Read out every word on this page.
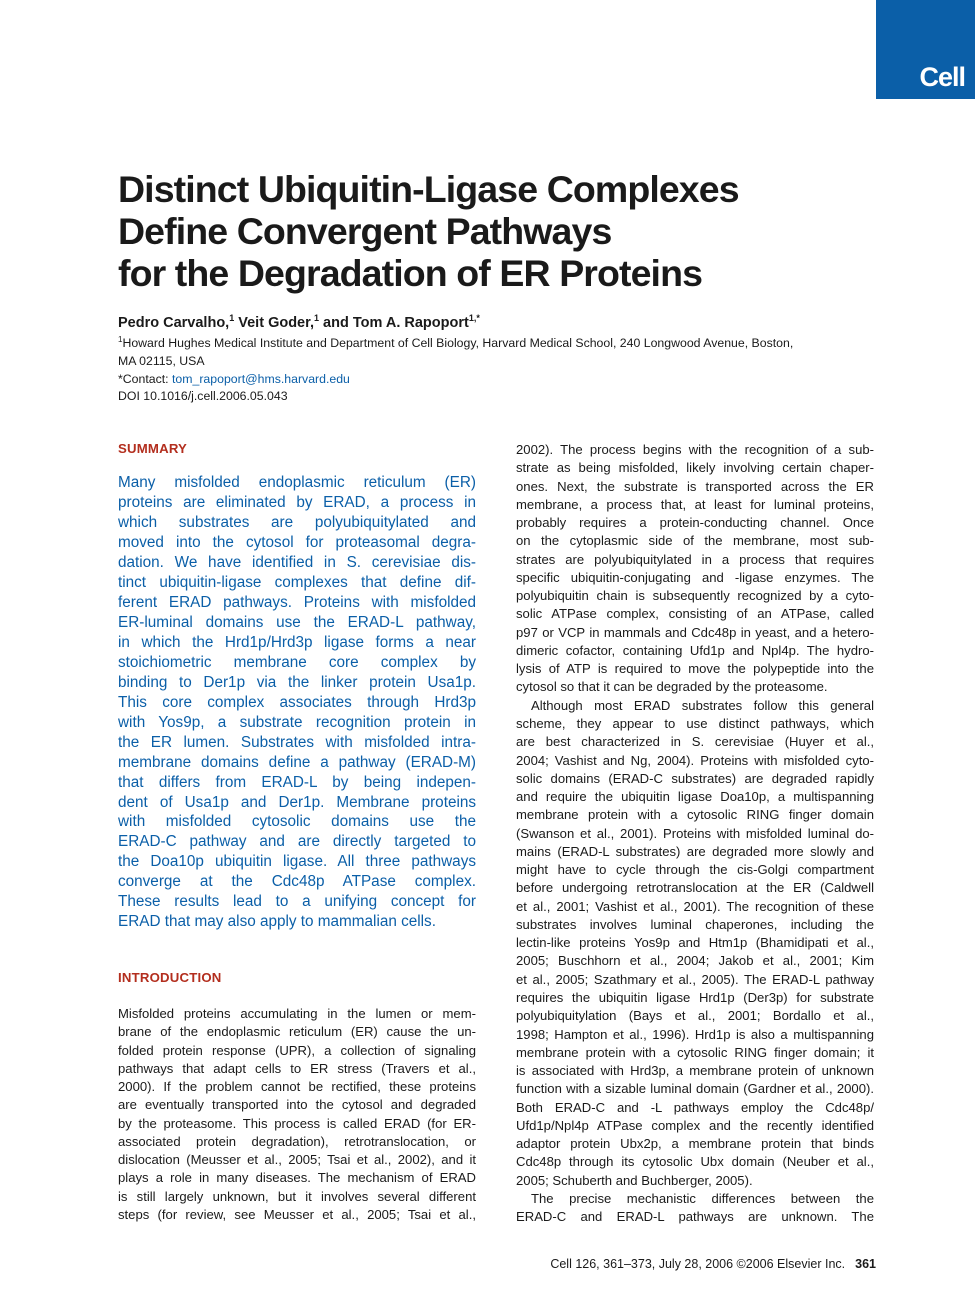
Cell
Distinct Ubiquitin-Ligase Complexes
Define Convergent Pathways
for the Degradation of ER Proteins
Pedro Carvalho,$^1$ Veit Goder,$^1$ and Tom A. Rapoport$^{1,*}$
$^1$Howard Hughes Medical Institute and Department of Cell Biology, Harvard Medical School, 240 Longwood Avenue, Boston,
MA 02115, USA
*Contact: tom_rapoport@hms.harvard.edu
DOI 10.1016/j.cell.2006.05.043
SUMMARY
Many misfolded endoplasmic reticulum (ER)
proteins are eliminated by ERAD, a process in
which substrates are polyubiquitylated and
moved into the cytosol for proteasomal degra-
dation. We have identified in S. cerevisiae dis-
tinct ubiquitin-ligase complexes that define dif-
ferent ERAD pathways. Proteins with misfolded
ER-luminal domains use the ERAD-L pathway,
in which the Hrd1p/Hrd3p ligase forms a near
stoichiometric membrane core complex by
binding to Der1p via the linker protein Usa1p.
This core complex associates through Hrd3p
with Yos9p, a substrate recognition protein in
the ER lumen. Substrates with misfolded intra-
membrane domains define a pathway (ERAD-M)
that differs from ERAD-L by being indepen-
dent of Usa1p and Der1p. Membrane proteins
with misfolded cytosolic domains use the
ERAD-C pathway and are directly targeted to
the Doa10p ubiquitin ligase. All three pathways
converge at the Cdc48p ATPase complex.
These results lead to a unifying concept for
ERAD that may also apply to mammalian cells.
INTRODUCTION
Misfolded proteins accumulating in the lumen or mem-
brane of the endoplasmic reticulum (ER) cause the un-
folded protein response (UPR), a collection of signaling
pathways that adapt cells to ER stress (Travers et al.,
2000). If the problem cannot be rectified, these proteins
are eventually transported into the cytosol and degraded
by the proteasome. This process is called ERAD (for ER-
associated protein degradation), retrotranslocation, or
dislocation (Meusser et al., 2005; Tsai et al., 2002), and it
plays a role in many diseases. The mechanism of ERAD
is still largely unknown, but it involves several different
steps (for review, see Meusser et al., 2005; Tsai et al.,
2002). The process begins with the recognition of a sub-
strate as being misfolded, likely involving certain chaper-
ones. Next, the substrate is transported across the ER
membrane, a process that, at least for luminal proteins,
probably requires a protein-conducting channel. Once
on the cytoplasmic side of the membrane, most sub-
strates are polyubiquitylated in a process that requires
specific ubiquitin-conjugating and -ligase enzymes. The
polyubiquitin chain is subsequently recognized by a cyto-
solic ATPase complex, consisting of an ATPase, called
p97 or VCP in mammals and Cdc48p in yeast, and a hetero-
dimeric cofactor, containing Ufd1p and Npl4p. The hydro-
lysis of ATP is required to move the polypeptide into the
cytosol so that it can be degraded by the proteasome.
Although most ERAD substrates follow this general
scheme, they appear to use distinct pathways, which
are best characterized in S. cerevisiae (Huyer et al.,
2004; Vashist and Ng, 2004). Proteins with misfolded cyto-
solic domains (ERAD-C substrates) are degraded rapidly
and require the ubiquitin ligase Doa10p, a multispanning
membrane protein with a cytosolic RING finger domain
(Swanson et al., 2001). Proteins with misfolded luminal do-
mains (ERAD-L substrates) are degraded more slowly and
might have to cycle through the cis-Golgi compartment
before undergoing retrotranslocation at the ER (Caldwell
et al., 2001; Vashist et al., 2001). The recognition of these
substrates involves luminal chaperones, including the
lectin-like proteins Yos9p and Htm1p (Bhamidipati et al.,
2005; Buschhorn et al., 2004; Jakob et al., 2001; Kim
et al., 2005; Szathmary et al., 2005). The ERAD-L pathway
requires the ubiquitin ligase Hrd1p (Der3p) for substrate
polyubiquitylation (Bays et al., 2001; Bordallo et al.,
1998; Hampton et al., 1996). Hrd1p is also a multispanning
membrane protein with a cytosolic RING finger domain; it
is associated with Hrd3p, a membrane protein of unknown
function with a sizable luminal domain (Gardner et al., 2000).
Both ERAD-C and -L pathways employ the Cdc48p/
Ufd1p/Npl4p ATPase complex and the recently identified
adaptor protein Ubx2p, a membrane protein that binds
Cdc48p through its cytosolic Ubx domain (Neuber et al.,
2005; Schuberth and Buchberger, 2005).
The precise mechanistic differences between the
ERAD-C and ERAD-L pathways are unknown. The
Cell 126, 361–373, July 28, 2006 ©2006 Elsevier Inc. 361
